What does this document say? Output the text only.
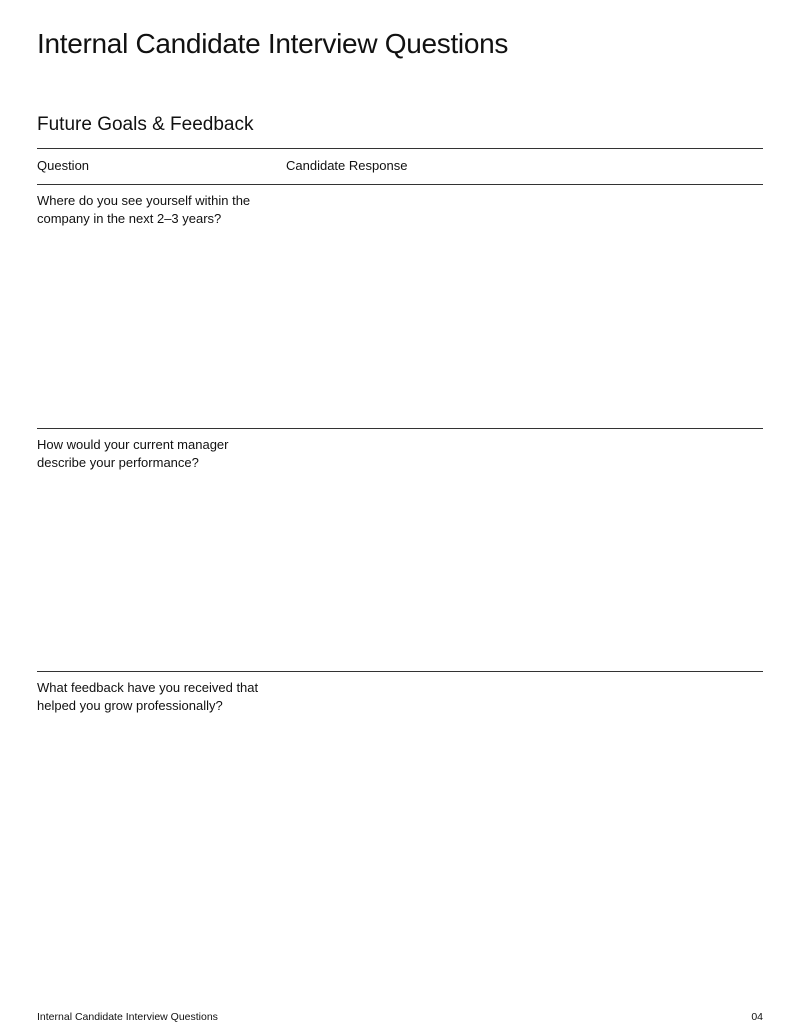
Internal Candidate Interview Questions
Future Goals & Feedback
Question	Candidate Response
Where do you see yourself within the company in the next 2–3 years?
How would your current manager describe your performance?
What feedback have you received that helped you grow professionally?
Internal Candidate Interview Questions	04
